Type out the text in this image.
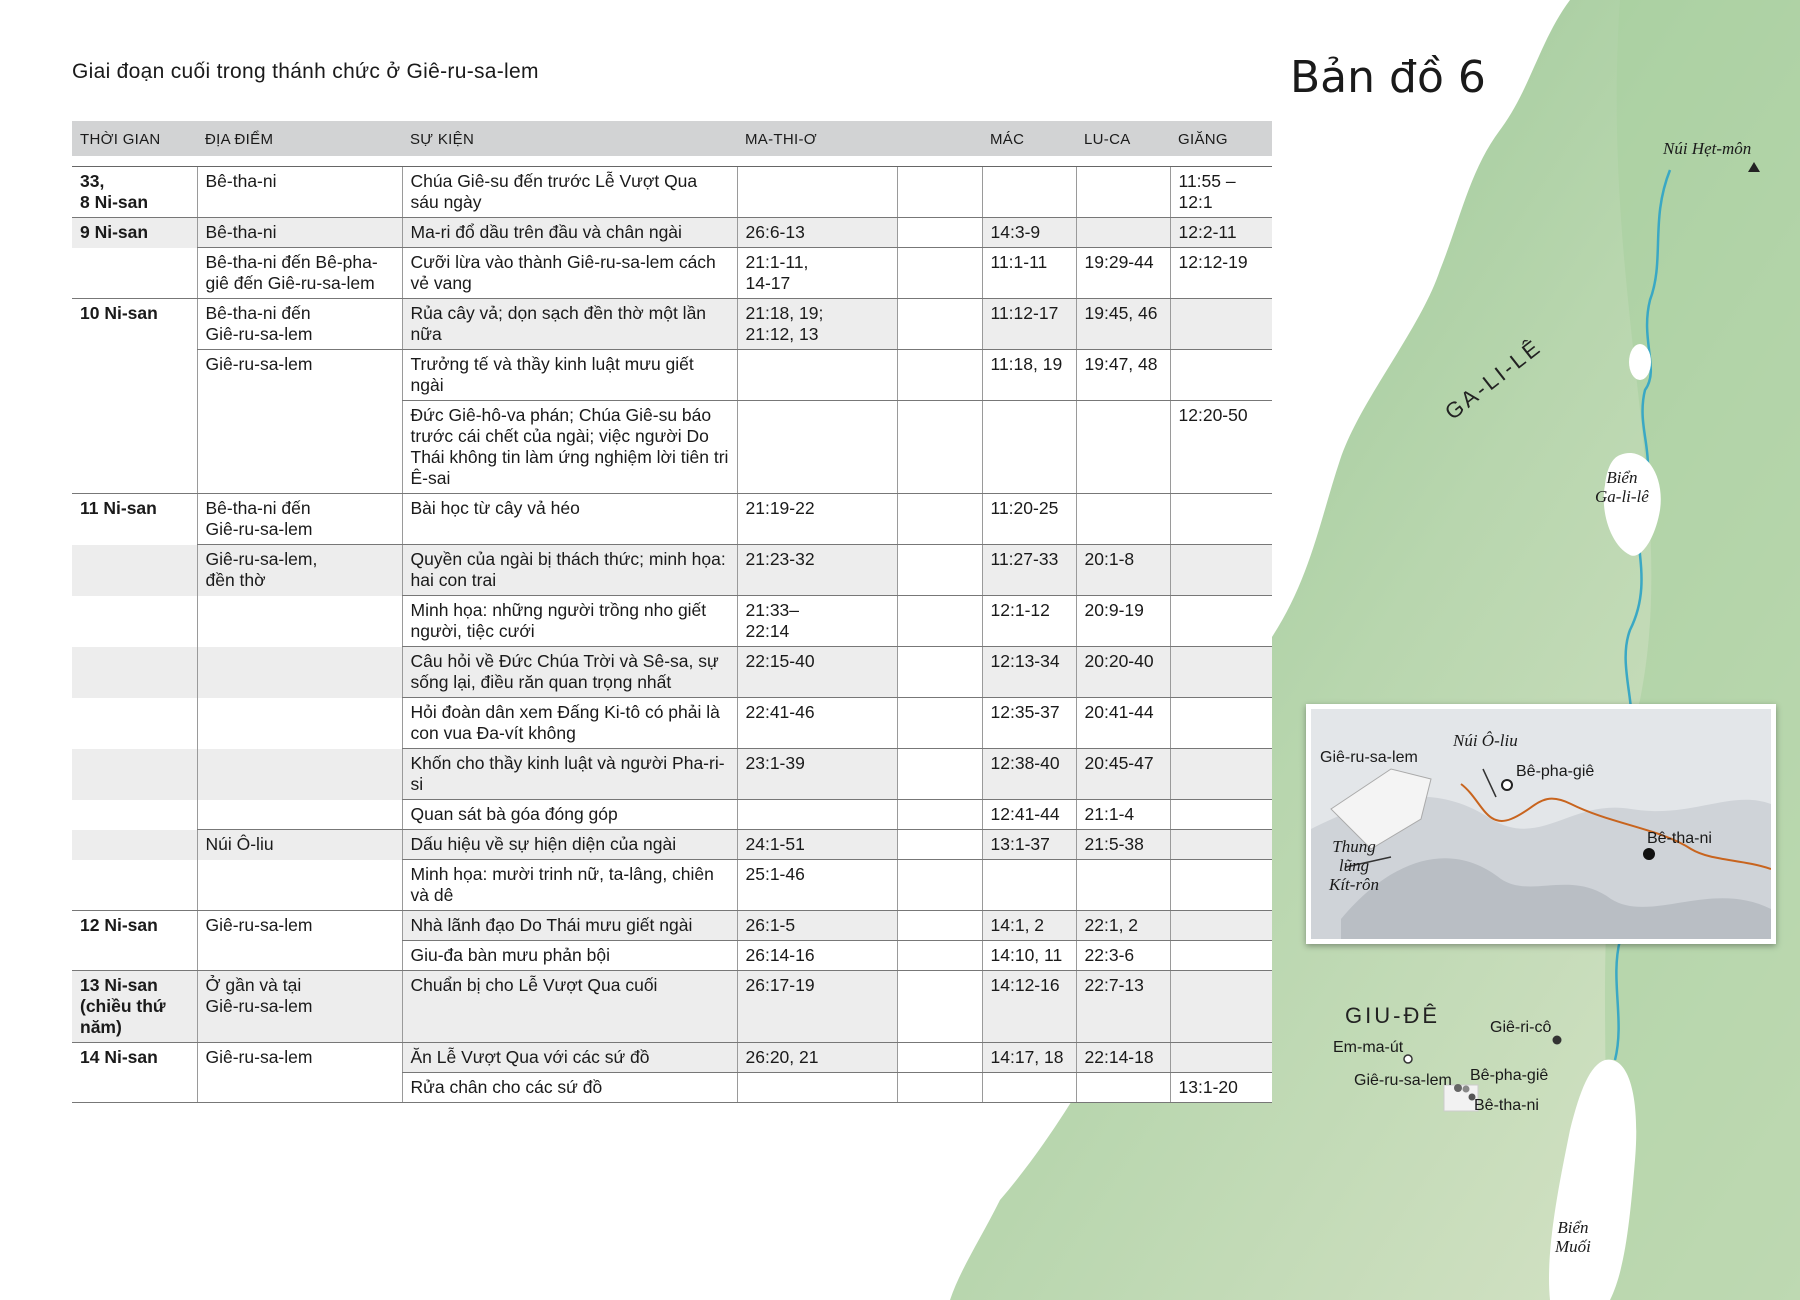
Giai đoạn cuối trong thánh chức ở Giê-ru-sa-lem	Bản đồ 6
THỜI GIAN	ĐỊA ĐIỂM	SỰ KIỆN	MA-THI-Ơ		MÁC	LU-CA	GIĂNG

33,
8 Ni-san	Bê-tha-ni	Chúa Giê-su đến trước Lễ Vượt Qua sáu ngày					11:55 –
12:1
9 Ni-san	Bê-tha-ni	Ma-ri đổ dầu trên đầu và chân ngài	26:6-13		14:3-9		12:2-11
	Bê-tha-ni đến Bê-pha-giê đến Giê-ru-sa-lem	Cưỡi lừa vào thành Giê-ru-sa-lem cách vẻ vang	21:1-11,
14-17		11:1-11	19:29-44	12:12-19
10 Ni-san	Bê-tha-ni đến
Giê-ru-sa-lem	Rủa cây vả; dọn sạch đền thờ một lần nữa	21:18, 19;
21:12, 13		11:12-17	19:45, 46	
	Giê-ru-sa-lem	Trưởng tế và thầy kinh luật mưu giết ngài			11:18, 19	19:47, 48	
		Đức Giê-hô-va phán; Chúa Giê-su báo trước cái chết của ngài; việc người Do Thái không tin làm ứng nghiệm lời tiên tri Ê-sai					12:20-50
11 Ni-san	Bê-tha-ni đến
Giê-ru-sa-lem	Bài học từ cây vả héo	21:19-22		11:20-25		
	Giê-ru-sa-lem,
đền thờ	Quyền của ngài bị thách thức; minh họa: hai con trai	21:23-32		11:27-33	20:1-8	
		Minh họa: những người trồng nho giết người, tiệc cưới	21:33–
22:14		12:1-12	20:9-19	
		Câu hỏi về Đức Chúa Trời và Sê-sa, sự sống lại, điều răn quan trọng nhất	22:15-40		12:13-34	20:20-40	
		Hỏi đoàn dân xem Đấng Ki-tô có phải là con vua Đa-vít không	22:41-46		12:35-37	20:41-44	
		Khốn cho thầy kinh luật và người Pha-ri-si	23:1-39		12:38-40	20:45-47	
		Quan sát bà góa đóng góp			12:41-44	21:1-4	
	Núi Ô-liu	Dấu hiệu về sự hiện diện của ngài	24:1-51		13:1-37	21:5-38	
		Minh họa: mười trinh nữ, ta-lâng, chiên và dê	25:1-46				
12 Ni-san	Giê-ru-sa-lem	Nhà lãnh đạo Do Thái mưu giết ngài	26:1-5		14:1, 2	22:1, 2	
		Giu-đa bàn mưu phản bội	26:14-16		14:10, 11	22:3-6	
13 Ni-san
(chiều thứ
năm)	Ở gần và tại
Giê-ru-sa-lem	Chuẩn bị cho Lễ Vượt Qua cuối	26:17-19		14:12-16	22:7-13	
14 Ni-san	Giê-ru-sa-lem	Ăn Lễ Vượt Qua với các sứ đồ	26:20, 21		14:17, 18	22:14-18	
		Rửa chân cho các sứ đồ					13:1-20
Núi Hẹt-môn
GA-LI-LÊ
Biển
Ga-li-lê
GIU-ĐÊ	Giê-ri-cô
Em-ma-út
Giê-ru-sa-lem Bê-pha-giê
Bê-tha-ni
Biển
Muối
Giê-ru-sa-lem
Núi Ô-liu
Bê-pha-giê
Bê-tha-ni
Thung
lũng
Kít-rôn
